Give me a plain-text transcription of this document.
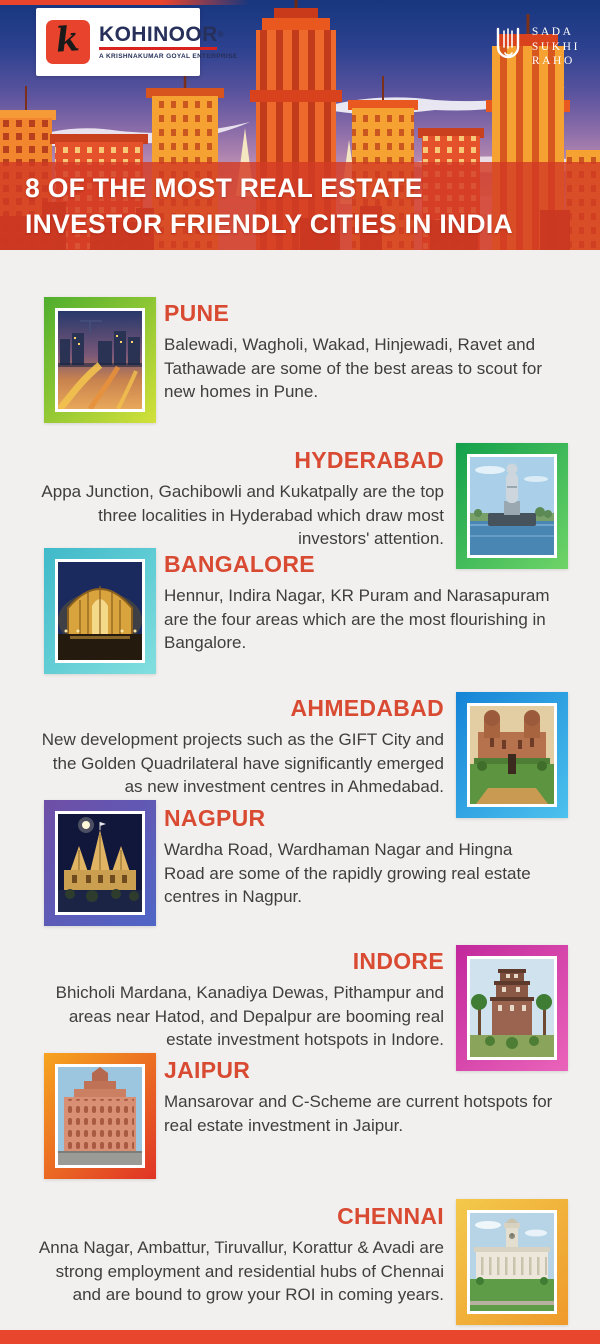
k KOHINOOR®
A KRISHNAKUMAR GOYAL ENTERPRISE
SADA
SUKHI
RAHO
8 OF THE MOST REAL ESTATE
INVESTOR FRIENDLY CITIES IN INDIA
PUNE

Balewadi, Wagholi, Wakad, Hinjewadi, Ravet and Tathawade are some of the best areas to scout for new homes in Pune.

HYDERABAD

Appa Junction, Gachibowli and Kukatpally are the top three localities in Hyderabad which draw most investors' attention.

BANGALORE

Hennur, Indira Nagar, KR Puram and Narasapuram are the four areas which are the most flourishing in Bangalore.

AHMEDABAD

New development projects such as the GIFT City and the Golden Quadrilateral have significantly emerged as new investment centres in Ahmedabad.

NAGPUR

Wardha Road, Wardhaman Nagar and Hingna Road are some of the rapidly growing real estate centres in Nagpur.

INDORE

Bhicholi Mardana, Kanadiya Dewas, Pithampur and areas near Hatod, and Depalpur are booming real estate investment hotspots in Indore.

JAIPUR

Mansarovar and C-Scheme are current hotspots for real estate investment in Jaipur.

CHENNAI

Anna Nagar, Ambattur, Tiruvallur, Korattur & Avadi are strong employment and residential hubs of Chennai and are bound to grow your ROI in coming years.
